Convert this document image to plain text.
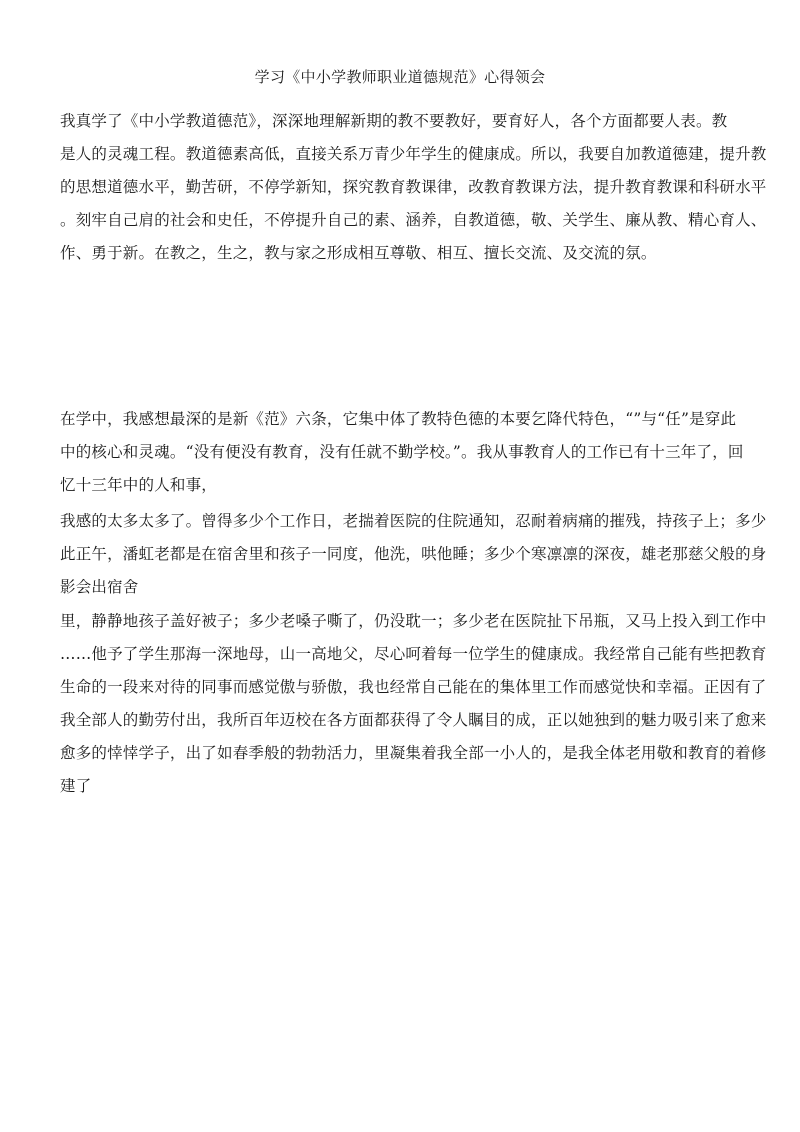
学习《中小学教师职业道德规范》心得领会
我真学了《中小学教道德范》，深深地理解新期的教不要教好，要育好人，各个方面都要人表。教
是人的灵魂工程。教道德素高低，直接关系万青少年学生的健康成。所以，我要自加教道德建，提升教
的思想道德水平，勤苦研，不停学新知，探究教育教课律，改教育教课方法，提升教育教课和科研水平
。刻牢自己肩的社会和史任，不停提升自己的素、涵养，自教道德，敬、关学生、廉从教、精心育人、
作、勇于新。在教之，生之，教与家之形成相互尊敬、相互、擅长交流、及交流的氛。
在学中，我感想最深的是新《范》六条，它集中体了教特色德的本要乞降代特色，“”与“任”是穿此
中的核心和灵魂。“没有便没有教育，没有任就不勤学校。”。我从事教育人的工作已有十三年了，回
忆十三年中的人和事，
我感的太多太多了。曾得多少个工作日，老揣着医院的住院通知，忍耐着病痛的摧残，持孩子上；多少
此正午，潘虹老都是在宿舍里和孩子一同度，他洗，哄他睡；多少个寒凛凛的深夜，雄老那慈父般的身
影会出宿舍
里，静静地孩子盖好被子；多少老嗓子嘶了，仍没耽一；多少老在医院扯下吊瓶，又马上投入到工作中
……他予了学生那海一深地母，山一高地父，尽心呵着每一位学生的健康成。我经常自己能有些把教育
生命的一段来对待的同事而感觉傲与骄傲，我也经常自己能在的集体里工作而感觉快和幸福。正因有了
我全部人的勤劳付出，我所百年迈校在各方面都获得了令人瞩目的成，正以她独到的魅力吸引来了愈来
愈多的悻悻学子，出了如春季般的勃勃活力，里凝集着我全部一小人的，是我全体老用敬和教育的着修
建了
